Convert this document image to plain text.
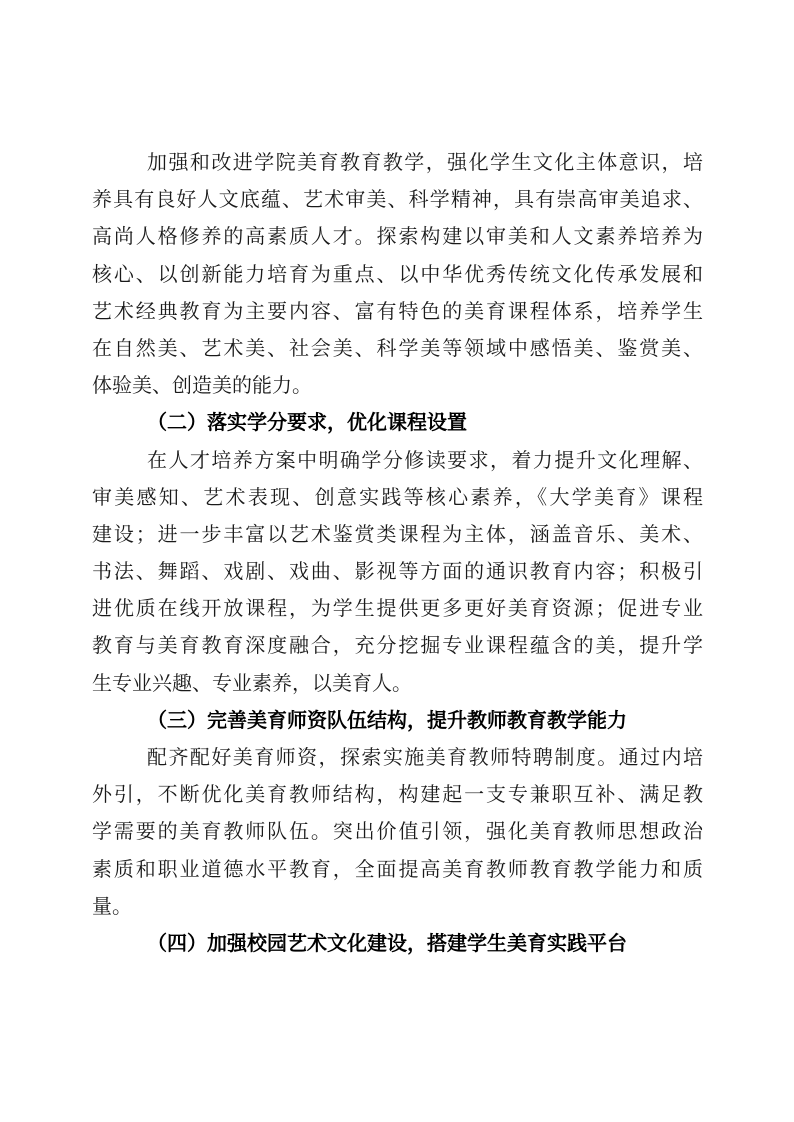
加强和改进学院美育教育教学，强化学生文化主体意识，培
养具有良好人文底蕴、艺术审美、科学精神，具有崇高审美追求、
高尚人格修养的高素质人才。探索构建以审美和人文素养培养为
核心、以创新能力培育为重点、以中华优秀传统文化传承发展和
艺术经典教育为主要内容、富有特色的美育课程体系，培养学生
在自然美、艺术美、社会美、科学美等领域中感悟美、鉴赏美、
体验美、创造美的能力。
（二）落实学分要求，优化课程设置
在人才培养方案中明确学分修读要求，着力提升文化理解、
审美感知、艺术表现、创意实践等核心素养，《大学美育》课程
建设；进一步丰富以艺术鉴赏类课程为主体，涵盖音乐、美术、
书法、舞蹈、戏剧、戏曲、影视等方面的通识教育内容；积极引
进优质在线开放课程，为学生提供更多更好美育资源；促进专业
教育与美育教育深度融合，充分挖掘专业课程蕴含的美，提升学
生专业兴趣、专业素养，以美育人。
（三）完善美育师资队伍结构，提升教师教育教学能力
配齐配好美育师资，探索实施美育教师特聘制度。通过内培
外引，不断优化美育教师结构，构建起一支专兼职互补、满足教
学需要的美育教师队伍。突出价值引领，强化美育教师思想政治
素质和职业道德水平教育，全面提高美育教师教育教学能力和质
量。
（四）加强校园艺术文化建设，搭建学生美育实践平台
